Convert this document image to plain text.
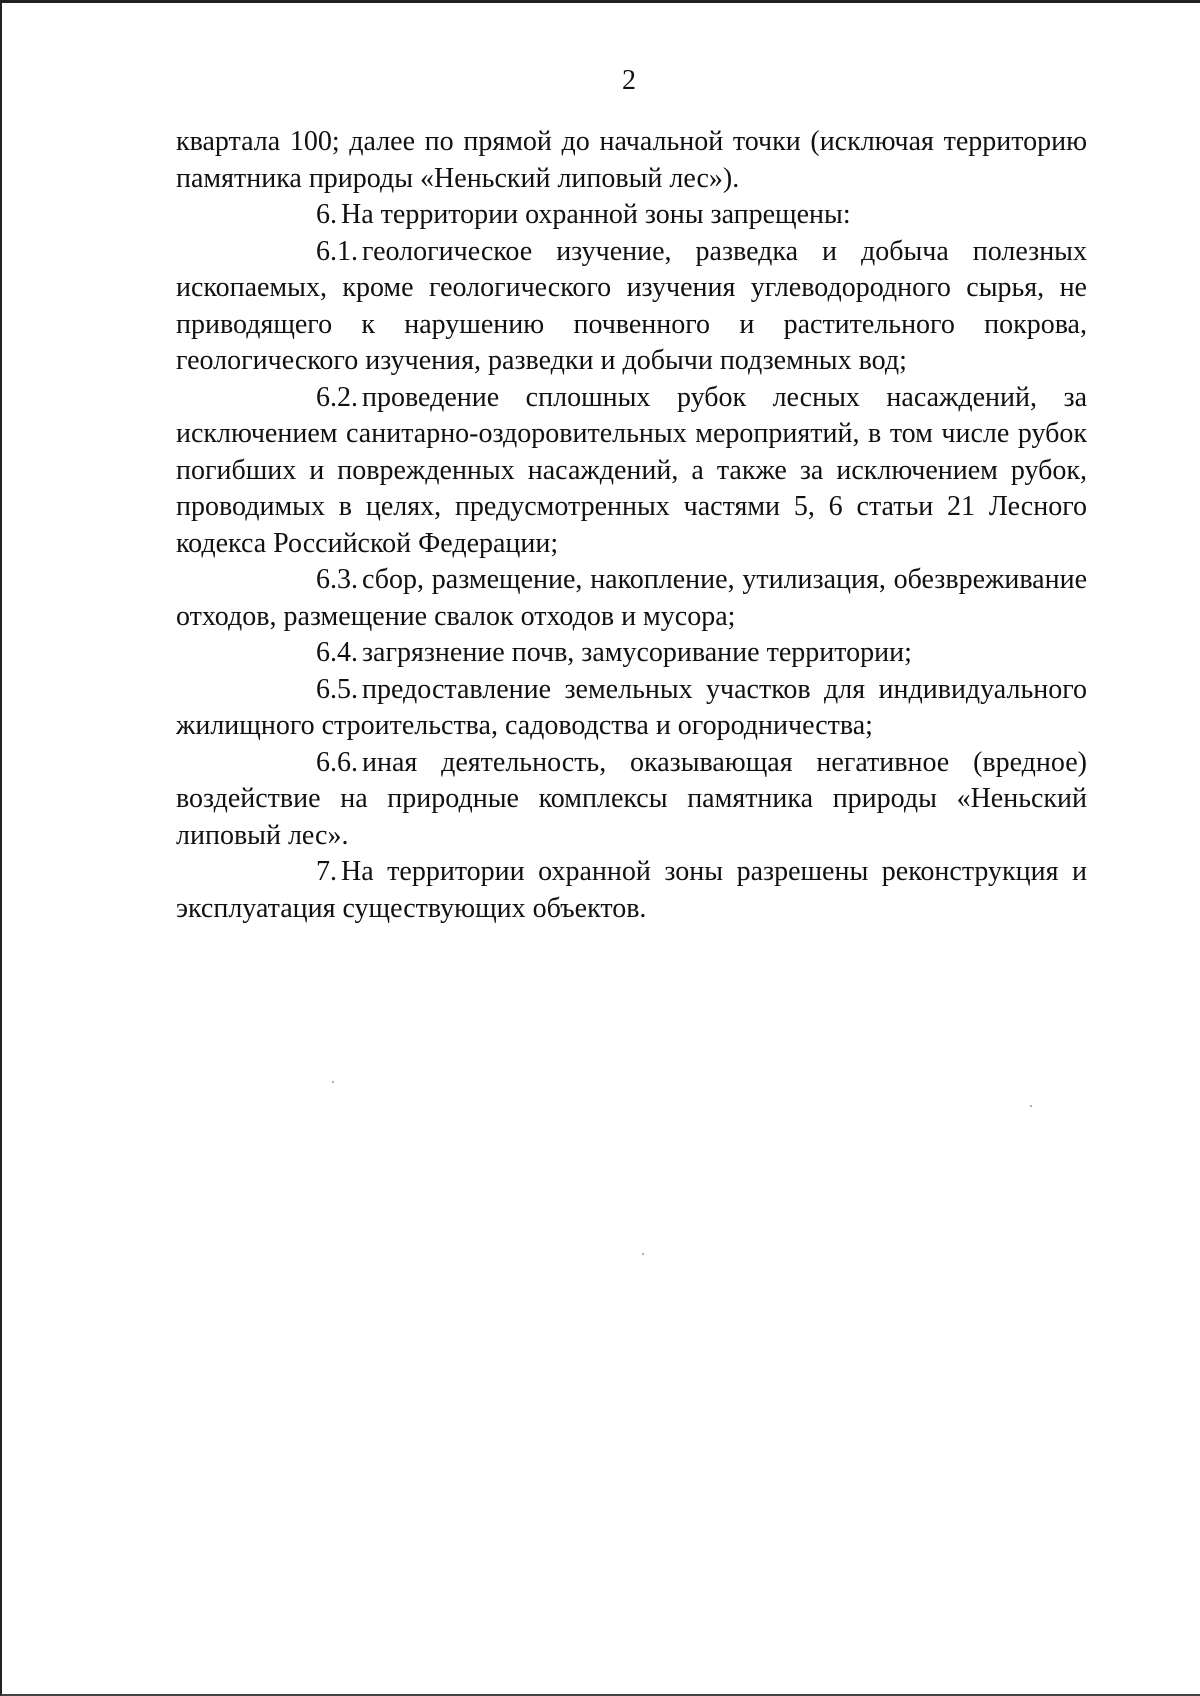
2

квартала 100; далее по прямой до начальной точки (исключая территорию памятника природы «Неньский липовый лес»).

6. На территории охранной зоны запрещены:

6.1. геологическое изучение, разведка и добыча полезных ископаемых, кроме геологического изучения углеводородного сырья, не приводящего к нарушению почвенного и растительного покрова, геологического изучения, разведки и добычи подземных вод;

6.2. проведение сплошных рубок лесных насаждений, за исключением санитарно-оздоровительных мероприятий, в том числе рубок погибших и поврежденных насаждений, а также за исключением рубок, проводимых в целях, предусмотренных частями 5, 6 статьи 21 Лесного кодекса Российской Федерации;

6.3. сбор, размещение, накопление, утилизация, обезвреживание отходов, размещение свалок отходов и мусора;

6.4. загрязнение почв, замусоривание территории;

6.5. предоставление земельных участков для индивидуального жилищного строительства, садоводства и огородничества;

6.6. иная деятельность, оказывающая негативное (вредное) воздействие на природные комплексы памятника природы «Неньский липовый лес».

7. На территории охранной зоны разрешены реконструкция и эксплуатация существующих объектов.
